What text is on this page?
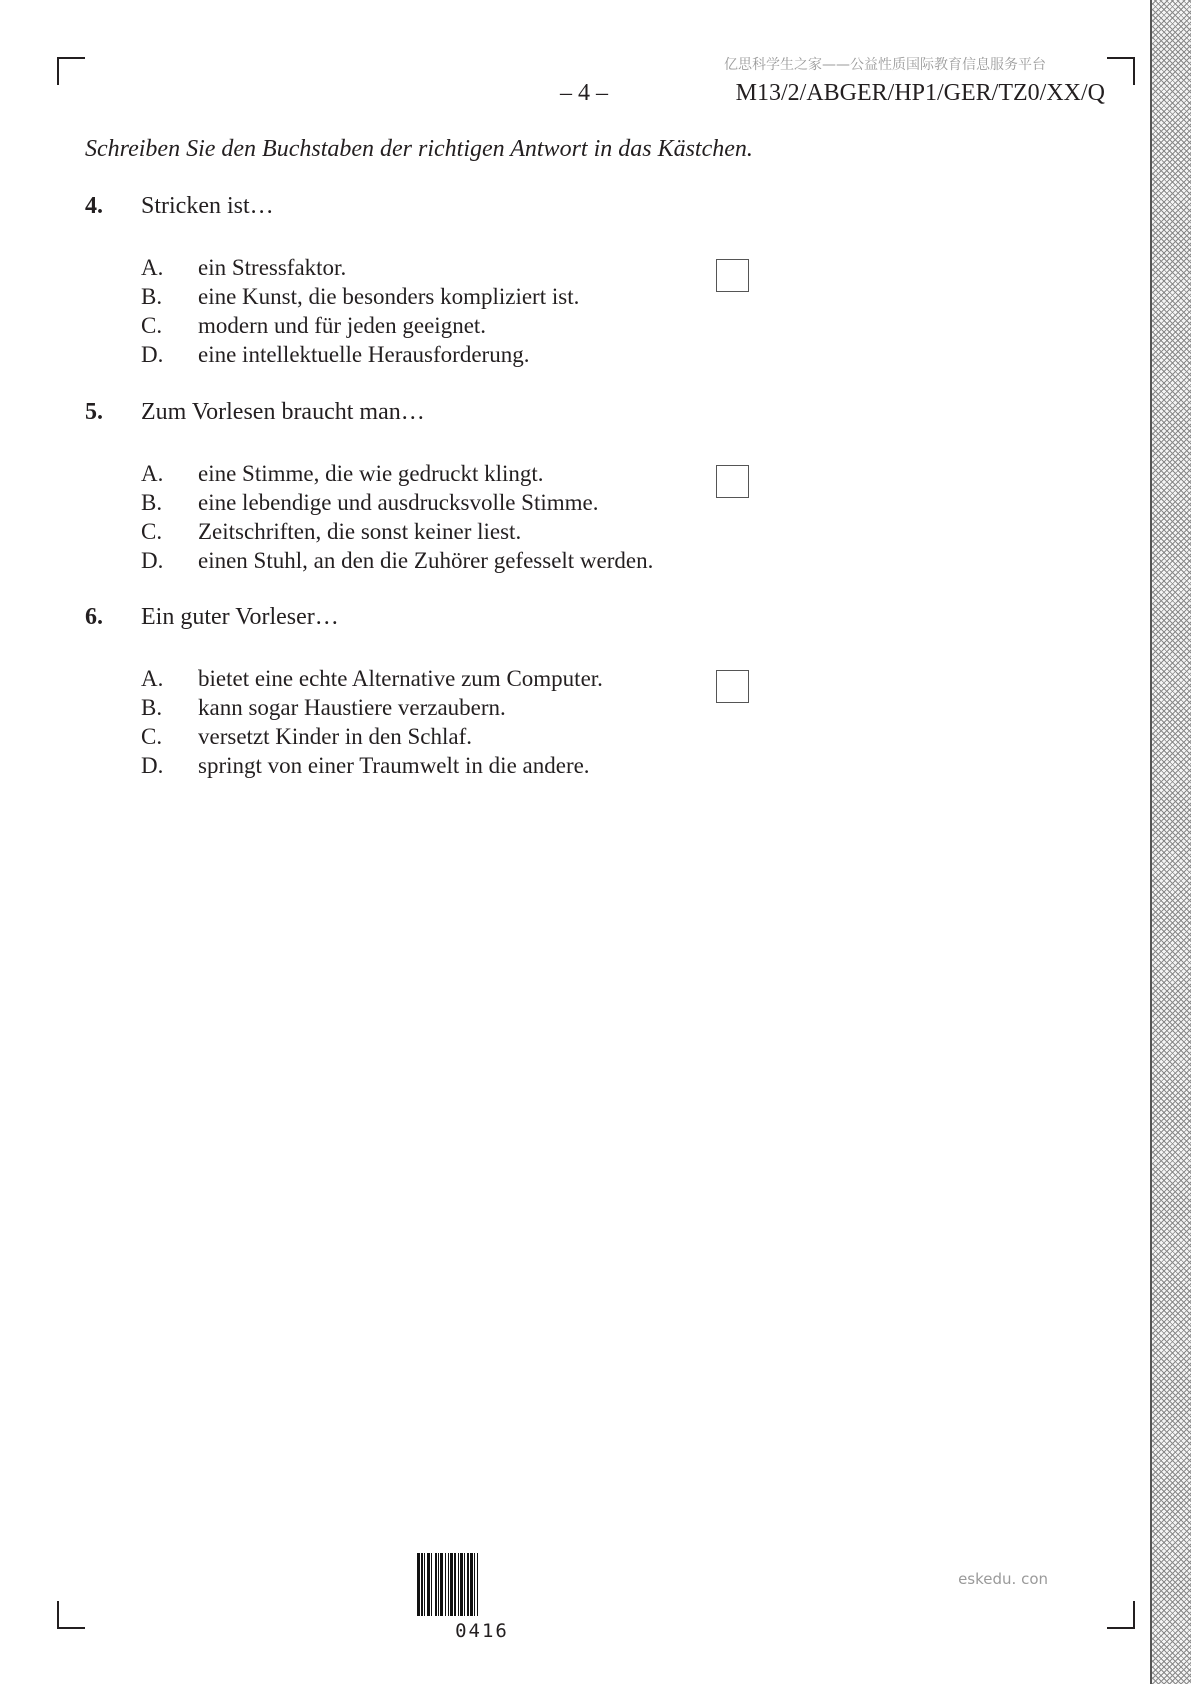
亿思科学生之家——公益性质国际教育信息服务平台
– 4 –	M13/2/ABGER/HP1/GER/TZ0/XX/Q
Schreiben Sie den Buchstaben der richtigen Antwort in das Kästchen.
4. Stricken ist…
A. ein Stressfaktor.
B. eine Kunst, die besonders kompliziert ist.
C. modern und für jeden geeignet.
D. eine intellektuelle Herausforderung.
5. Zum Vorlesen braucht man…
A. eine Stimme, die wie gedruckt klingt.
B. eine lebendige und ausdrucksvolle Stimme.
C. Zeitschriften, die sonst keiner liest.
D. einen Stuhl, an den die Zuhörer gefesselt werden.
6. Ein guter Vorleser…
A. bietet eine echte Alternative zum Computer.
B. kann sogar Haustiere verzaubern.
C. versetzt Kinder in den Schlaf.
D. springt von einer Traumwelt in die andere.
0416
eskedu. con
